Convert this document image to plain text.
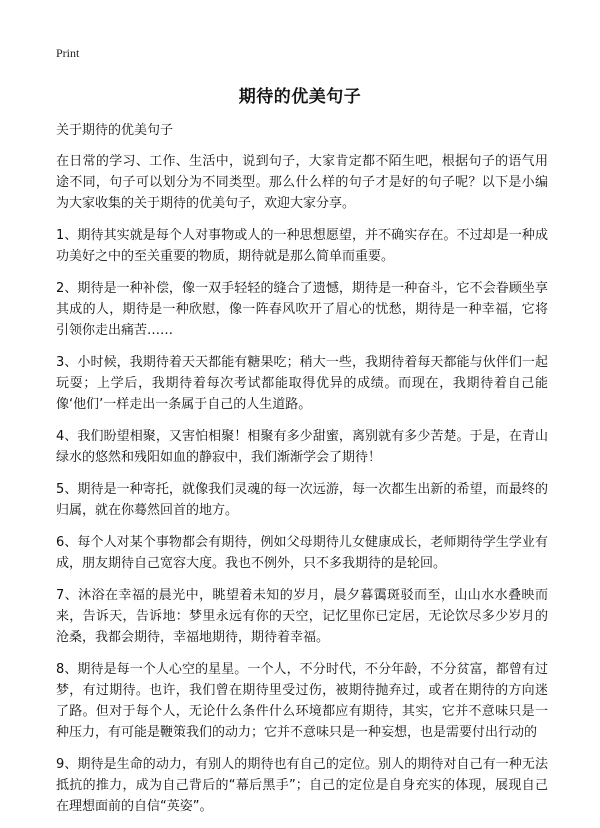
Print
期待的优美句子

关于期待的优美句子

在日常的学习、工作、生活中，说到句子，大家肯定都不陌生吧，根据句子的语气用途不同，句子可以划分为不同类型。那么什么样的句子才是好的句子呢？以下是小编为大家收集的关于期待的优美句子，欢迎大家分享。

1、期待其实就是每个人对事物或人的一种思想愿望，并不确实存在。不过却是一种成功美好之中的至关重要的物质，期待就是那么简单而重要。

2、期待是一种补偿，像一双手轻轻的缝合了遗憾，期待是一种奋斗，它不会眷顾坐享其成的人，期待是一种欣慰，像一阵春风吹开了眉心的忧愁，期待是一种幸福，它将引领你走出痛苦……

3、小时候，我期待着天天都能有糖果吃；稍大一些，我期待着每天都能与伙伴们一起玩耍；上学后，我期待着每次考试都能取得优异的成绩。而现在，我期待着自己能像‘他们’一样走出一条属于自己的人生道路。

4、我们盼望相聚，又害怕相聚！相聚有多少甜蜜，离别就有多少苦楚。于是，在青山绿水的悠然和残阳如血的静寂中，我们渐渐学会了期待！

5、期待是一种寄托，就像我们灵魂的每一次远游，每一次都生出新的希望，而最终的归属，就在你蓦然回首的地方。

6、每个人对某个事物都会有期待，例如父母期待儿女健康成长，老师期待学生学业有成，朋友期待自己宽容大度。我也不例外，只不多我期待的是轮回。

7、沐浴在幸福的晨光中，眺望着未知的岁月，晨夕暮霭斑驳而至，山山水水叠映而来，告诉天，告诉地：梦里永远有你的天空，记忆里你已定居，无论饮尽多少岁月的沧桑，我都会期待，幸福地期待，期待着幸福。

8、期待是每一个人心空的星星。一个人，不分时代，不分年龄，不分贫富，都曾有过梦，有过期待。也许，我们曾在期待里受过伤，被期待抛弃过，或者在期待的方向迷了路。但对于每个人，无论什么条件什么环境都应有期待，其实，它并不意味只是一种压力，有可能是鞭策我们的动力；它并不意味只是一种妄想，也是需要付出行动的

9、期待是生命的动力，有别人的期待也有自己的定位。别人的期待对自己有一种无法抵抗的推力，成为自己背后的“幕后黑手”；自己的定位是自身充实的体现，展现自己在理想面前的自信“英姿”。
